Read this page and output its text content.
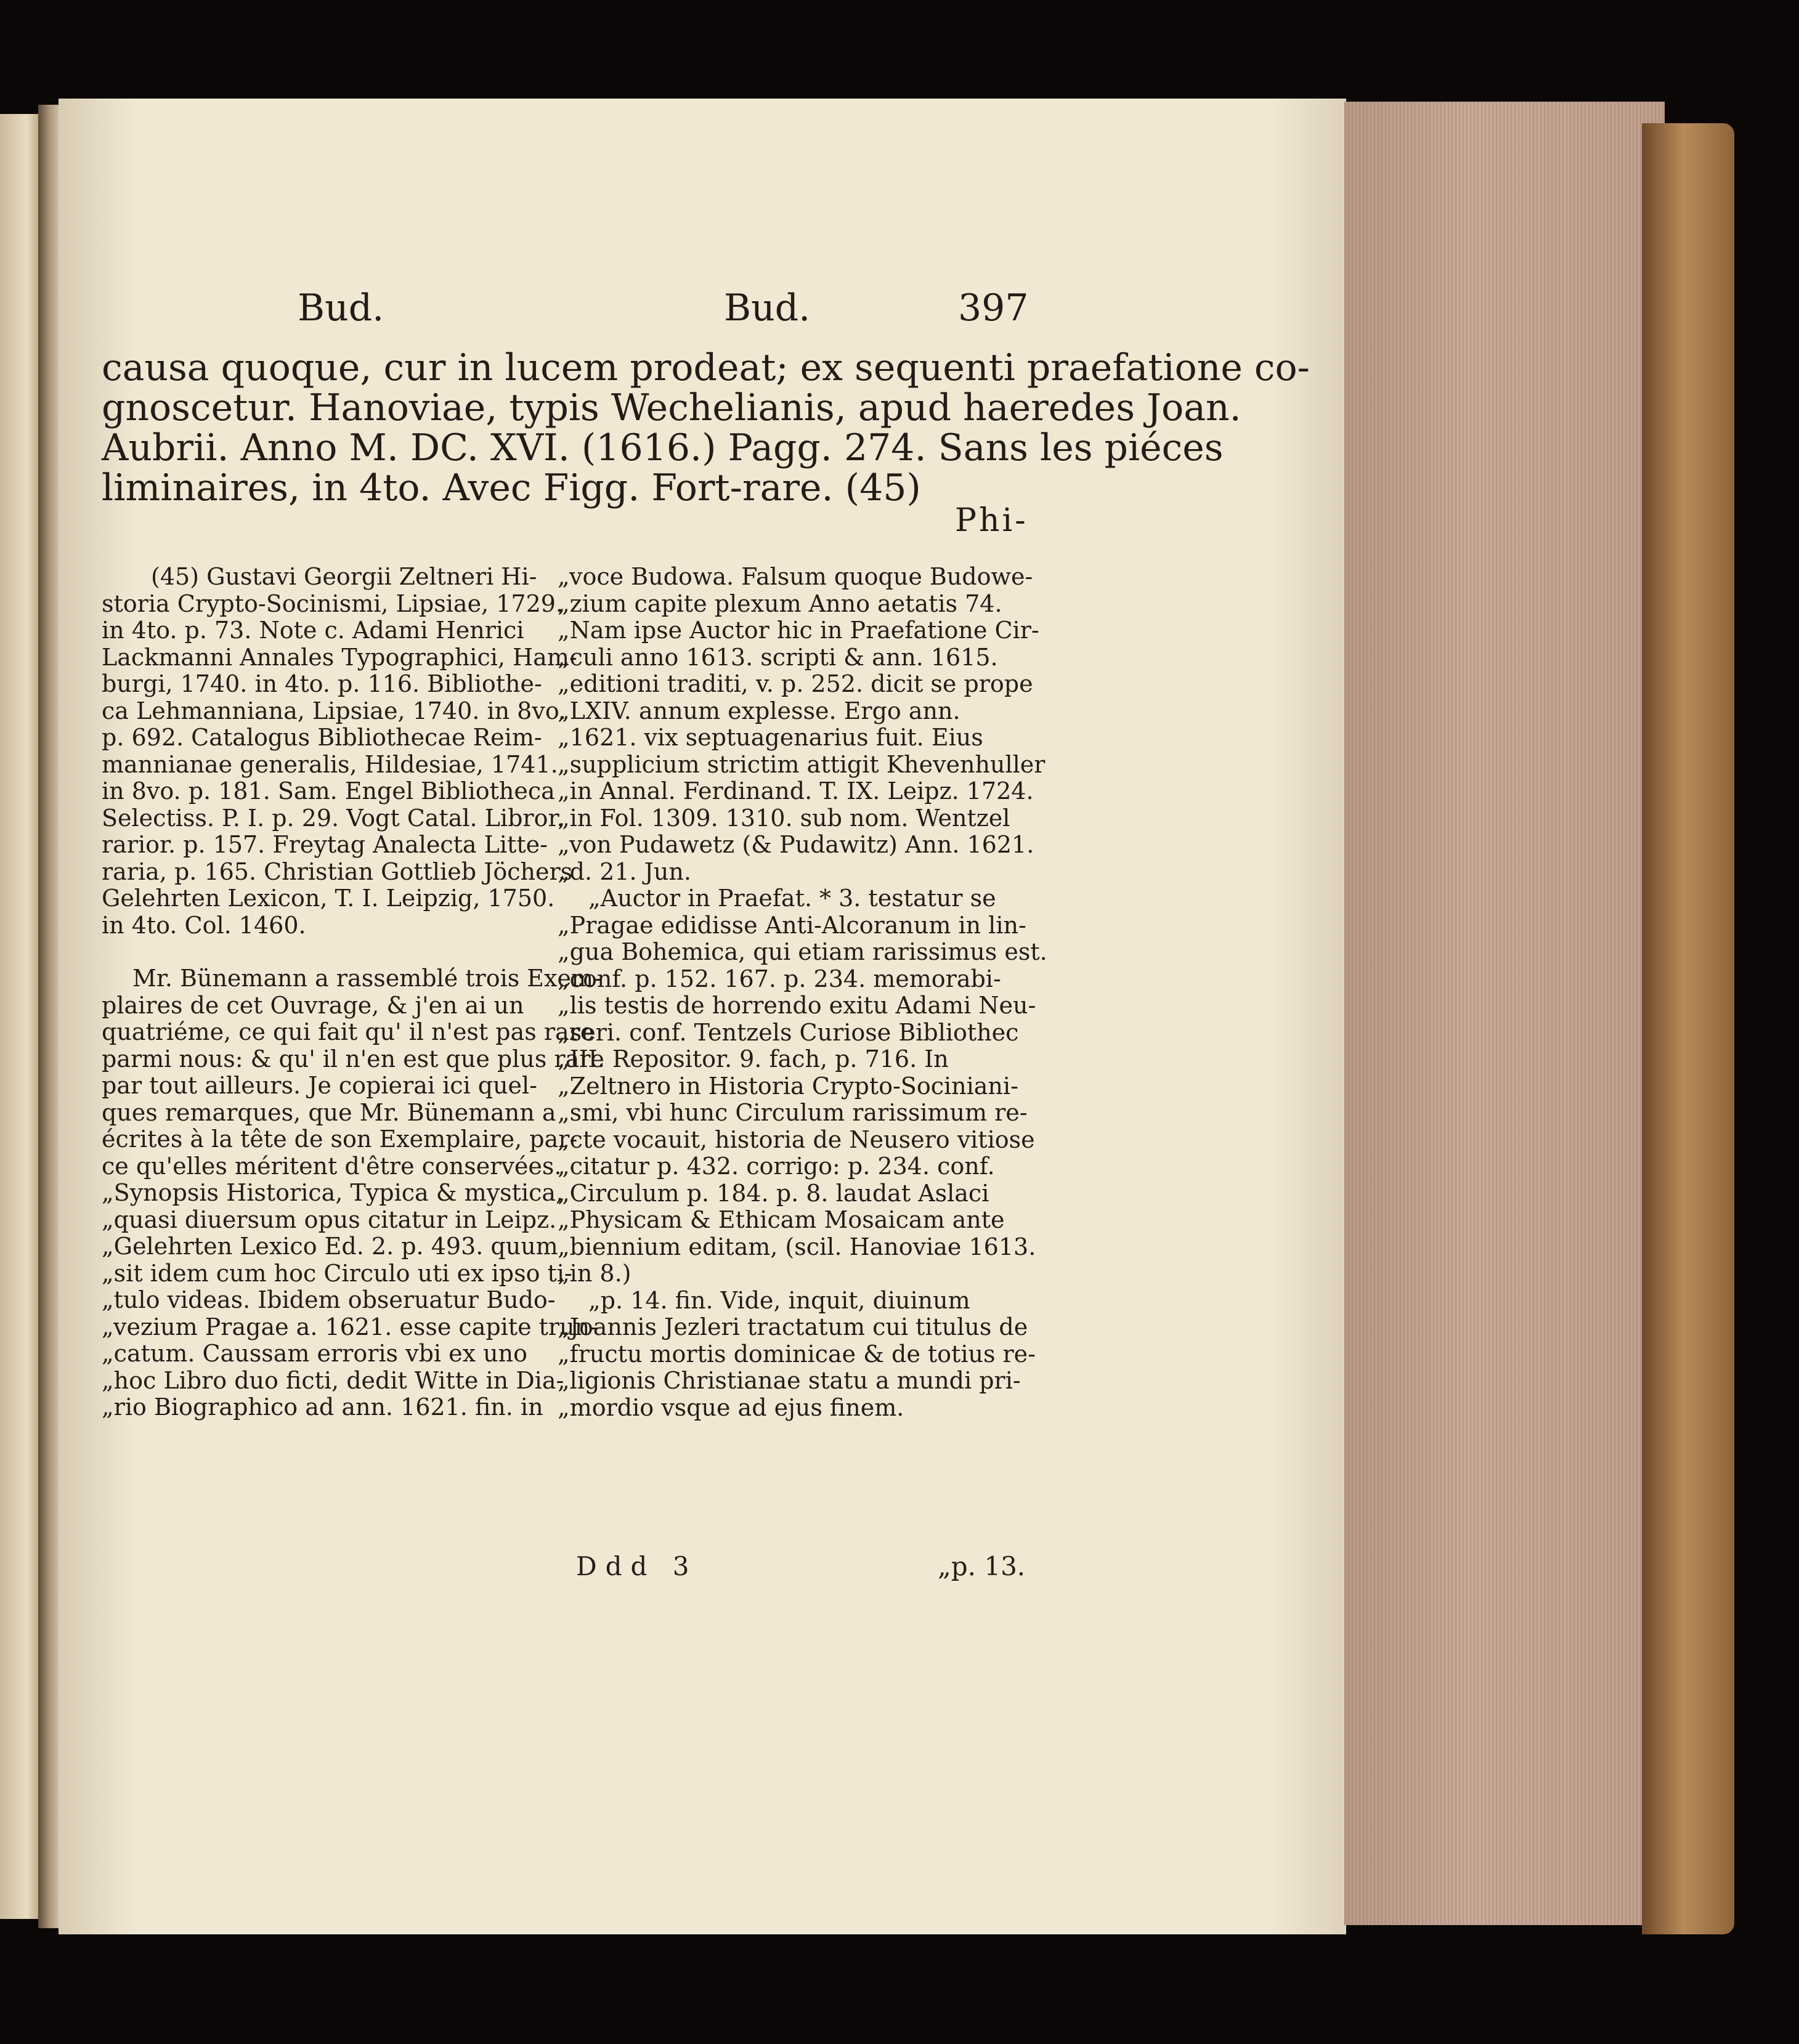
Bud.	Bud.	397
causa quoque, cur in lucem prodeat; ex sequenti praefatione co-
gnoscetur. Hanoviae, typis Wechelianis, apud haeredes Joan.
Aubrii. Anno M. DC. XVI. (1616.) Pagg. 274. Sans les piéces
liminaires, in 4to. Avec Figg. Fort-rare. (45)
Phi-
(45) Gustavi Georgii Zeltneri Hi-
storia Crypto-Socinismi, Lipsiae, 1729.
in 4to. p. 73. Note c. Adami Henrici
Lackmanni Annales Typographici, Ham-
burgi, 1740. in 4to. p. 116. Bibliothe-
ca Lehmanniana, Lipsiae, 1740. in 8vo.
p. 692. Catalogus Bibliothecae Reim-
mannianae generalis, Hildesiae, 1741.
in 8vo. p. 181. Sam. Engel Bibliotheca
Selectiss. P. I. p. 29. Vogt Catal. Libror.
rarior. p. 157. Freytag Analecta Litte-
raria, p. 165. Christian Gottlieb Jöchers
Gelehrten Lexicon, T. I. Leipzig, 1750.
in 4to. Col. 1460.
Mr. Bünemann a rassemblé trois Exem-
plaires de cet Ouvrage, & j'en ai un
quatriéme, ce qui fait qu' il n'est pas rare
parmi nous: & qu' il n'en est que plus rare
par tout ailleurs. Je copierai ici quel-
ques remarques, que Mr. Bünemann a
écrites à la tête de son Exemplaire, par-
ce qu'elles méritent d'être conservées.
„Synopsis Historica, Typica & mystica,
„quasi diuersum opus citatur in Leipz.
„Gelehrten Lexico Ed. 2. p. 493. quum
„sit idem cum hoc Circulo uti ex ipso ti-
„tulo videas. Ibidem obseruatur Budo-
„vezium Pragae a. 1621. esse capite trun-
„catum. Caussam erroris vbi ex uno
„hoc Libro duo ficti, dedit Witte in Dia-
„rio Biographico ad ann. 1621. fin. in
„voce Budowa. Falsum quoque Budowe-
„zium capite plexum Anno aetatis 74.
„Nam ipse Auctor hic in Praefatione Cir-
„culi anno 1613. scripti & ann. 1615.
„editioni traditi, v. p. 252. dicit se prope
„LXIV. annum explesse. Ergo ann.
„1621. vix septuagenarius fuit. Eius
„supplicium strictim attigit Khevenhuller
„in Annal. Ferdinand. T. IX. Leipz. 1724.
„in Fol. 1309. 1310. sub nom. Wentzel
„von Pudawetz (& Pudawitz) Ann. 1621.
„d. 21. Jun.
„Auctor in Praefat. * 3. testatur se
„Pragae edidisse Anti-Alcoranum in lin-
„gua Bohemica, qui etiam rarissimus est.
„conf. p. 152. 167. p. 234. memorabi-
„lis testis de horrendo exitu Adami Neu-
„seri. conf. Tentzels Curiose Bibliothec
„III. Repositor. 9. fach, p. 716. In
„Zeltnero in Historia Crypto-Sociniani-
„smi, vbi hunc Circulum rarissimum re-
„cte vocauit, historia de Neusero vitiose
„citatur p. 432. corrigo: p. 234. conf.
„Circulum p. 184. p. 8. laudat Aslaci
„Physicam & Ethicam Mosaicam ante
„biennium editam, (scil. Hanoviae 1613.
„in 8.)
„p. 14. fin. Vide, inquit, diuinum
„Joannis Jezleri tractatum cui titulus de
„fructu mortis dominicae & de totius re-
„ligionis Christianae statu a mundi pri-
„mordio vsque ad ejus finem.
Ddd 3	„p. 13.
